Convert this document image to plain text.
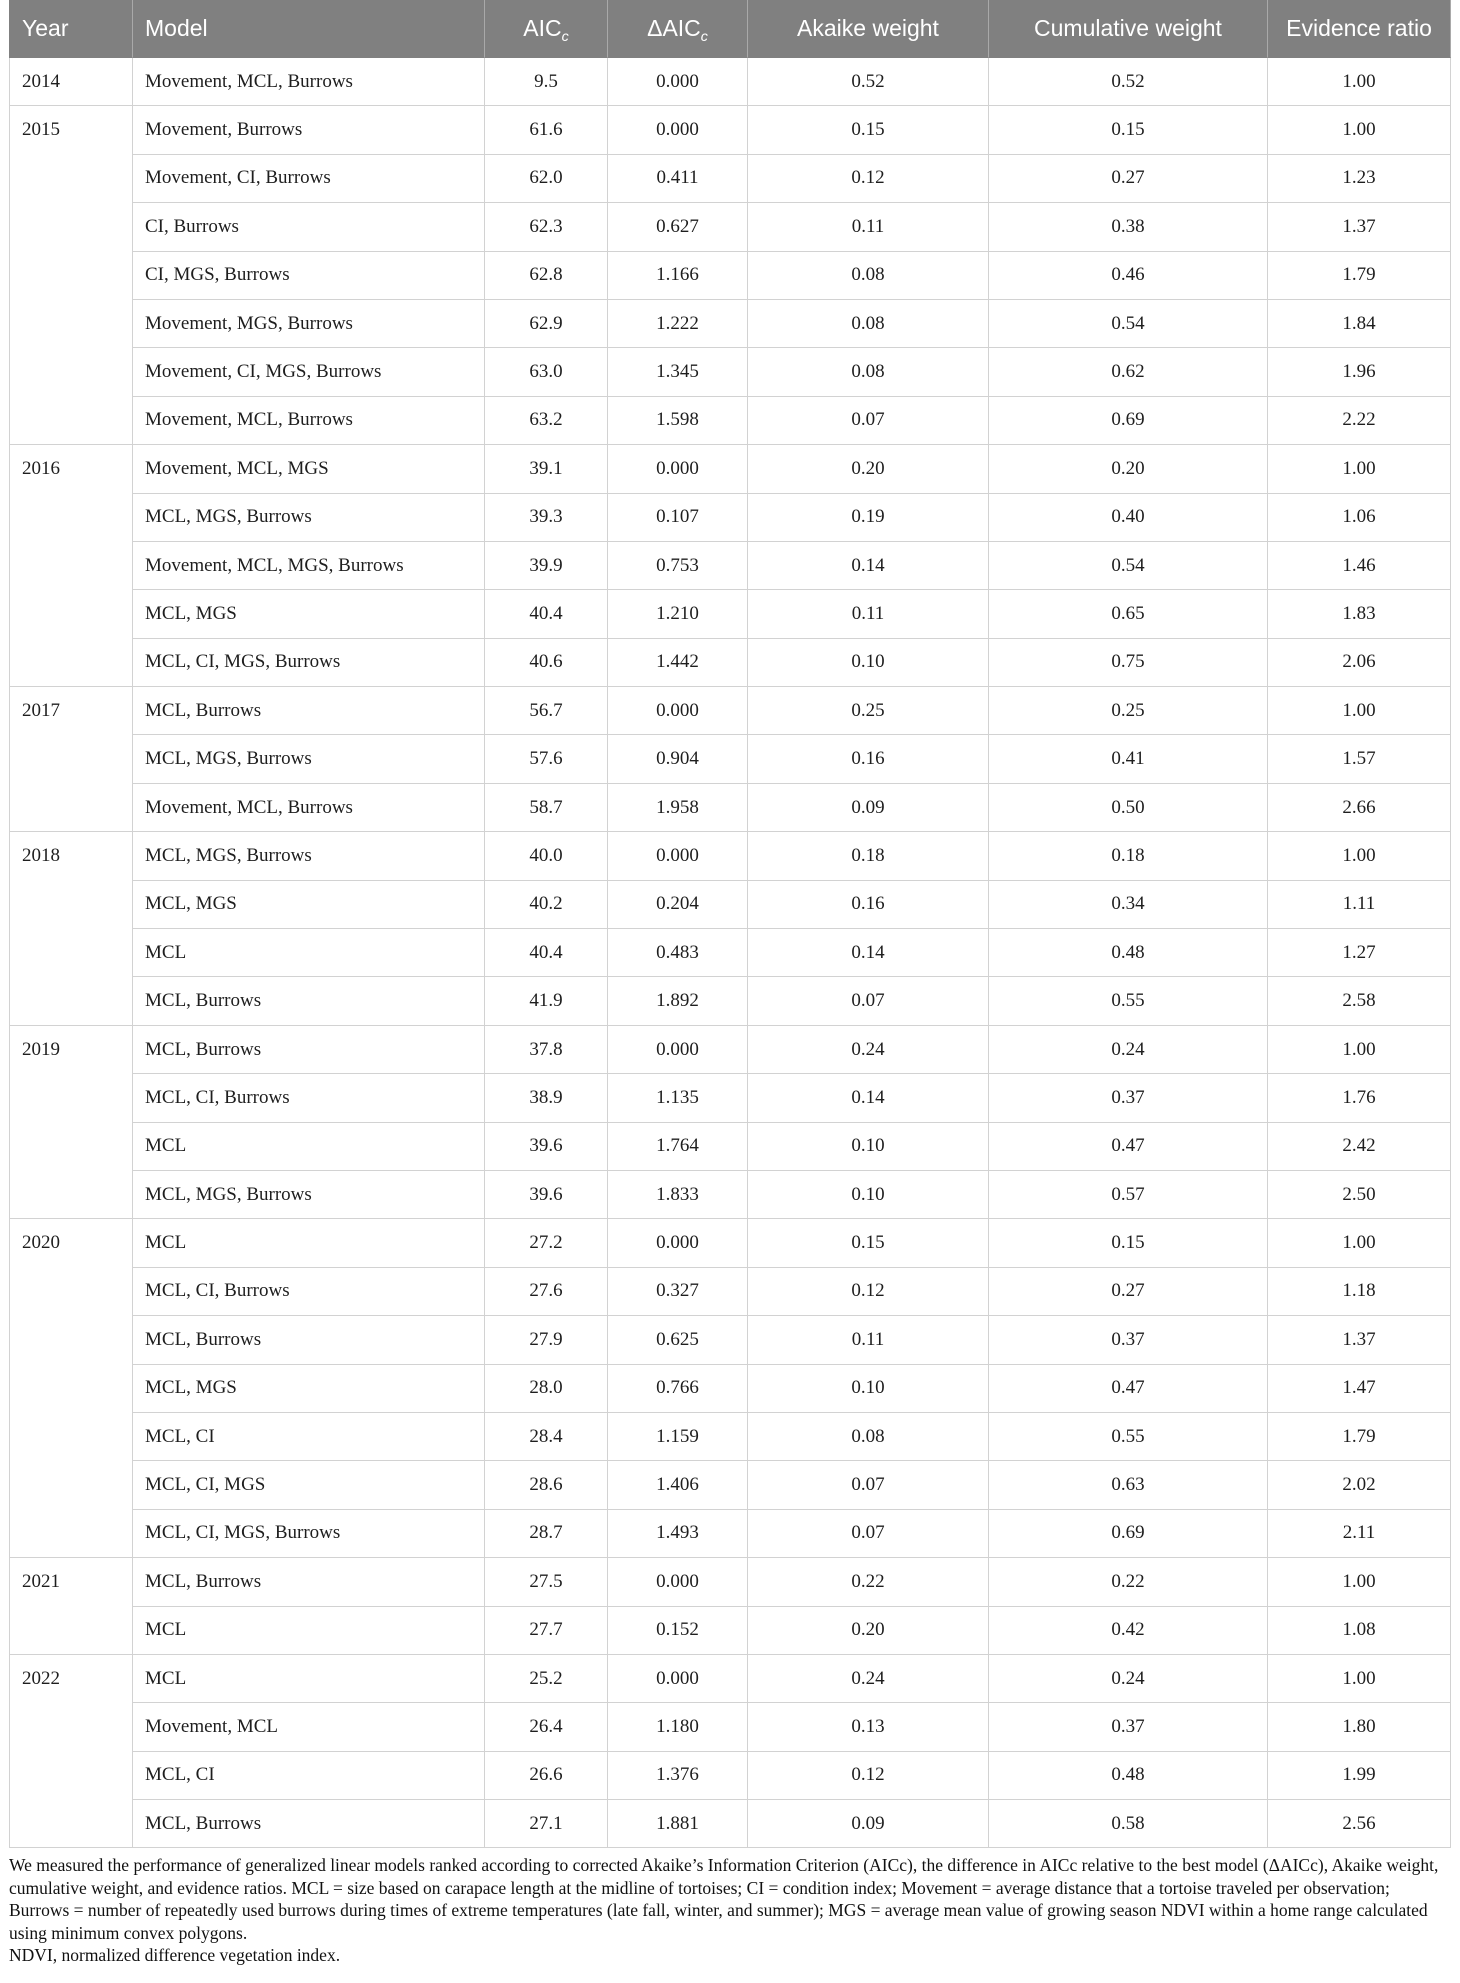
Year	Model	$AIC_c$	$\Delta AIC_c$	Akaike weight	Cumulative weight	Evidence ratio
2014	Movement, MCL, Burrows	9.5	0.000	0.52	0.52	1.00
2015	Movement, Burrows	61.6	0.000	0.15	0.15	1.00
Movement, CI, Burrows	62.0	0.411	0.12	0.27	1.23
CI, Burrows	62.3	0.627	0.11	0.38	1.37
CI, MGS, Burrows	62.8	1.166	0.08	0.46	1.79
Movement, MGS, Burrows	62.9	1.222	0.08	0.54	1.84
Movement, CI, MGS, Burrows	63.0	1.345	0.08	0.62	1.96
Movement, MCL, Burrows	63.2	1.598	0.07	0.69	2.22
2016	Movement, MCL, MGS	39.1	0.000	0.20	0.20	1.00
MCL, MGS, Burrows	39.3	0.107	0.19	0.40	1.06
Movement, MCL, MGS, Burrows	39.9	0.753	0.14	0.54	1.46
MCL, MGS	40.4	1.210	0.11	0.65	1.83
MCL, CI, MGS, Burrows	40.6	1.442	0.10	0.75	2.06
2017	MCL, Burrows	56.7	0.000	0.25	0.25	1.00
MCL, MGS, Burrows	57.6	0.904	0.16	0.41	1.57
Movement, MCL, Burrows	58.7	1.958	0.09	0.50	2.66
2018	MCL, MGS, Burrows	40.0	0.000	0.18	0.18	1.00
MCL, MGS	40.2	0.204	0.16	0.34	1.11
MCL	40.4	0.483	0.14	0.48	1.27
MCL, Burrows	41.9	1.892	0.07	0.55	2.58
2019	MCL, Burrows	37.8	0.000	0.24	0.24	1.00
MCL, CI, Burrows	38.9	1.135	0.14	0.37	1.76
MCL	39.6	1.764	0.10	0.47	2.42
MCL, MGS, Burrows	39.6	1.833	0.10	0.57	2.50
2020	MCL	27.2	0.000	0.15	0.15	1.00
MCL, CI, Burrows	27.6	0.327	0.12	0.27	1.18
MCL, Burrows	27.9	0.625	0.11	0.37	1.37
MCL, MGS	28.0	0.766	0.10	0.47	1.47
MCL, CI	28.4	1.159	0.08	0.55	1.79
MCL, CI, MGS	28.6	1.406	0.07	0.63	2.02
MCL, CI, MGS, Burrows	28.7	1.493	0.07	0.69	2.11
2021	MCL, Burrows	27.5	0.000	0.22	0.22	1.00
MCL	27.7	0.152	0.20	0.42	1.08
2022	MCL	25.2	0.000	0.24	0.24	1.00
Movement, MCL	26.4	1.180	0.13	0.37	1.80
MCL, CI	26.6	1.376	0.12	0.48	1.99
MCL, Burrows	27.1	1.881	0.09	0.58	2.56

We measured the performance of generalized linear models ranked according to corrected Akaike’s Information Criterion (AICc), the difference in AICc relative to the best model (ΔAICc), Akaike weight, cumulative weight, and evidence ratios. MCL = size based on carapace length at the midline of tortoises; CI = condition index; Movement = average distance that a tortoise traveled per observation; Burrows = number of repeatedly used burrows during times of extreme temperatures (late fall, winter, and summer); MGS = average mean value of growing season NDVI within a home range calculated using minimum convex polygons.

NDVI, normalized difference vegetation index.
